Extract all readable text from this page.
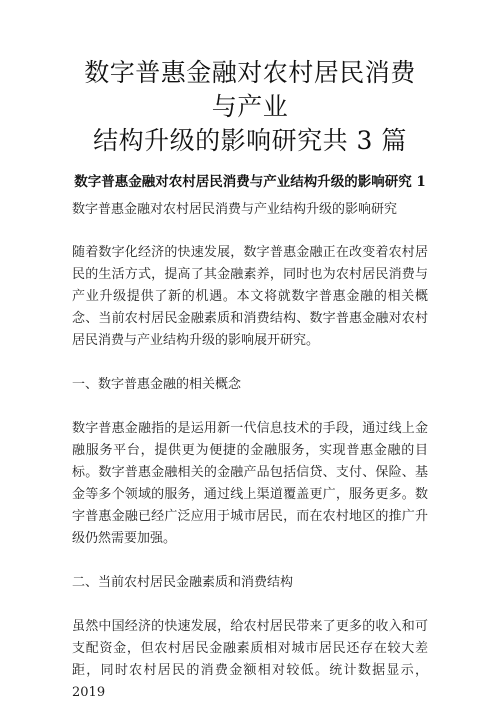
数字普惠金融对农村居民消费与产业
结构升级的影响研究共 3 篇
数字普惠金融对农村居民消费与产业结构升级的影响研究 1
数字普惠金融对农村居民消费与产业结构升级的影响研究

随着数字化经济的快速发展，数字普惠金融正在改变着农村居民的生活方式，提高了其金融素养，同时也为农村居民消费与产业升级提供了新的机遇。本文将就数字普惠金融的相关概念、当前农村居民金融素质和消费结构、数字普惠金融对农村居民消费与产业结构升级的影响展开研究。

一、数字普惠金融的相关概念

数字普惠金融指的是运用新一代信息技术的手段，通过线上金融服务平台，提供更为便捷的金融服务，实现普惠金融的目标。数字普惠金融相关的金融产品包括信贷、支付、保险、基金等多个领域的服务，通过线上渠道覆盖更广，服务更多。数字普惠金融已经广泛应用于城市居民，而在农村地区的推广升级仍然需要加强。

二、当前农村居民金融素质和消费结构

虽然中国经济的快速发展，给农村居民带来了更多的收入和可支配资金，但农村居民金融素质相对城市居民还存在较大差距，同时农村居民的消费金额相对较低。统计数据显示，2019
